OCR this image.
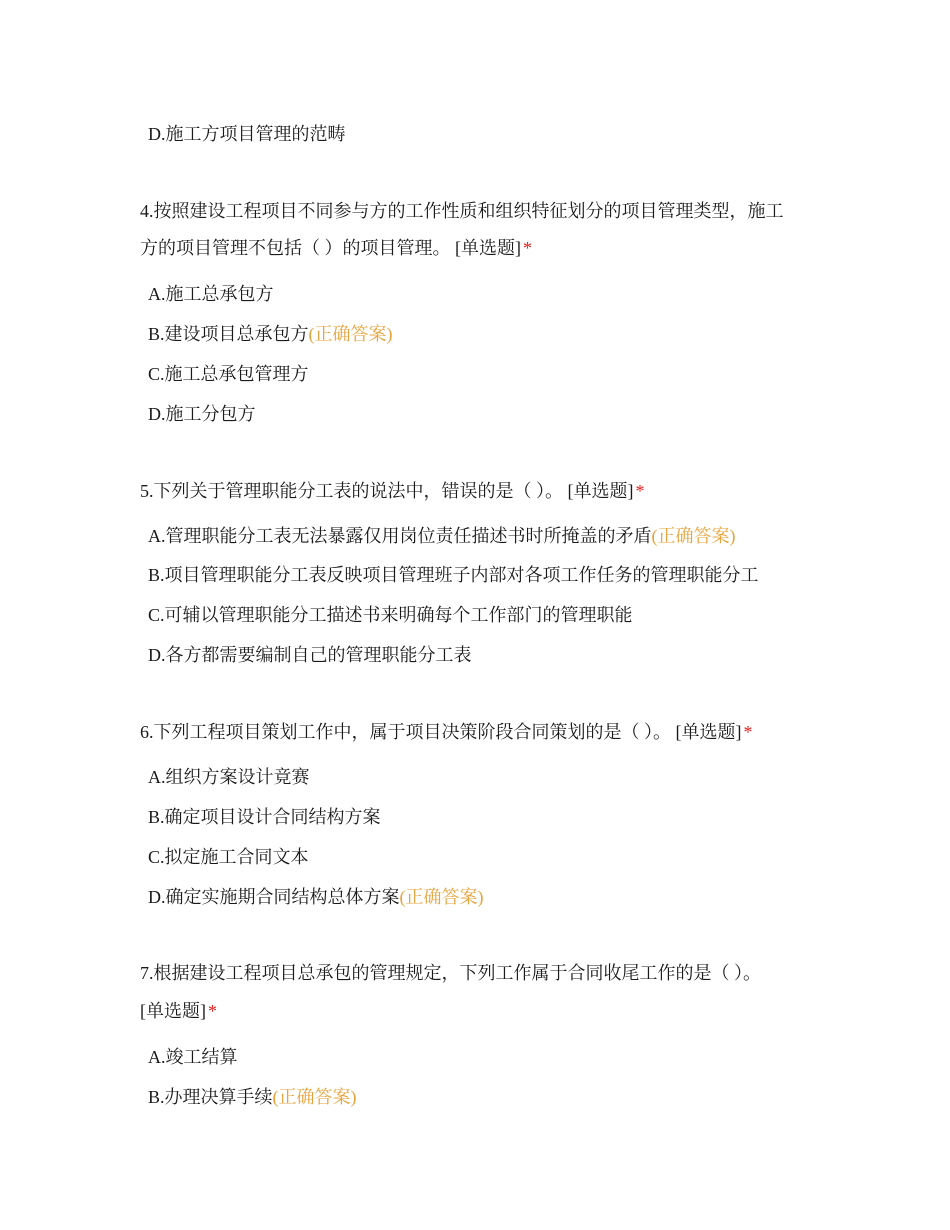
D.施工方项目管理的范畴
4.按照建设工程项目不同参与方的工作性质和组织特征划分的项目管理类型，施工
方的项目管理不包括（ ）的项目管理。 [单选题] *
A.施工总承包方
B.建设项目总承包方(正确答案)
C.施工总承包管理方
D.施工分包方
5.下列关于管理职能分工表的说法中，错误的是（ ）。 [单选题] *
A.管理职能分工表无法暴露仅用岗位责任描述书时所掩盖的矛盾(正确答案)
B.项目管理职能分工表反映项目管理班子内部对各项工作任务的管理职能分工
C.可辅以管理职能分工描述书来明确每个工作部门的管理职能
D.各方都需要编制自己的管理职能分工表
6.下列工程项目策划工作中，属于项目决策阶段合同策划的是（ ）。 [单选题] *
A.组织方案设计竟赛
B.确定项目设计合同结构方案
C.拟定施工合同文本
D.确定实施期合同结构总体方案(正确答案)
7.根据建设工程项目总承包的管理规定，下列工作属于合同收尾工作的是（ ）。
[单选题] *
A.竣工结算
B.办理决算手续(正确答案)
